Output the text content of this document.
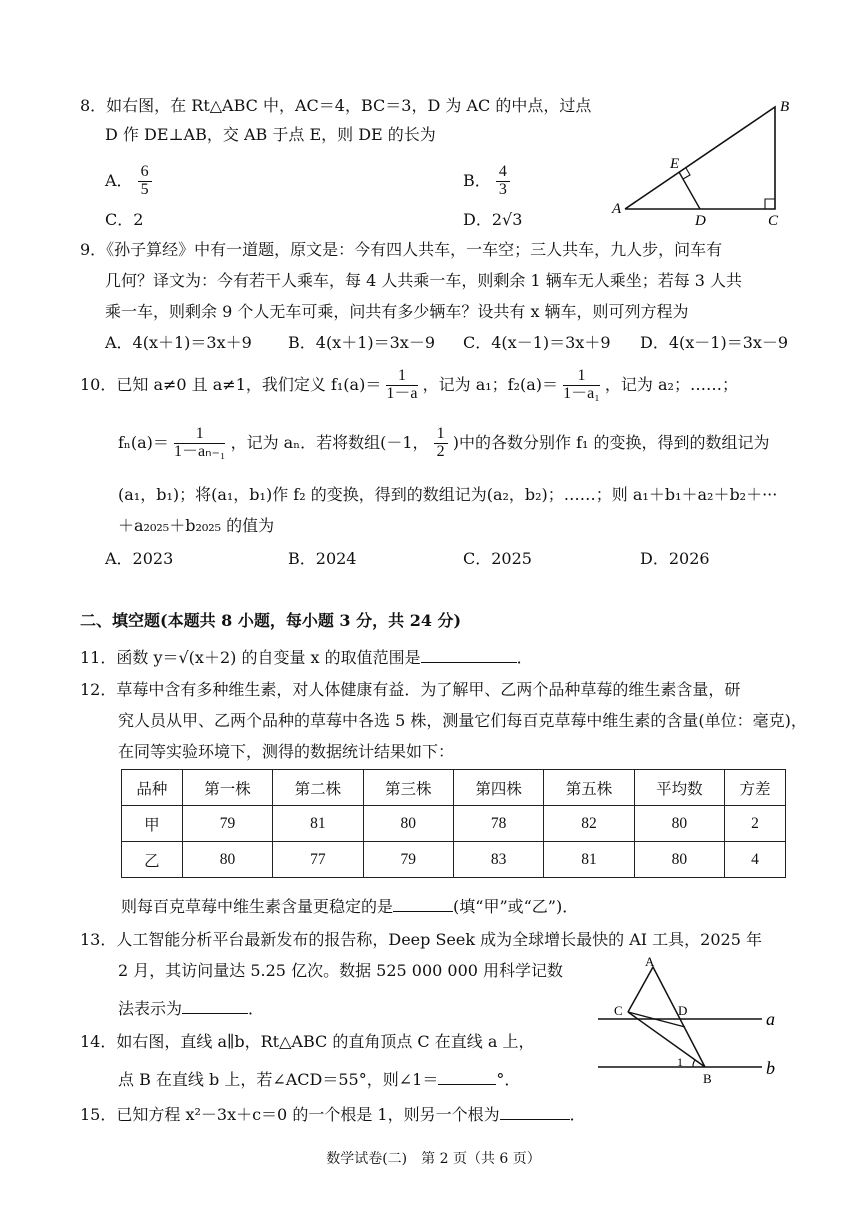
8．如右图，在 Rt△ABC 中，AC＝4，BC＝3，D 为 AC 的中点，过点
D 作 DE⊥AB，交 AB 于点 E，则 DE 的长为
A． $\frac{6}{5}$	B． $\frac{4}{3}$
C．2	D．2√3
A
B
C
D
E
9．《孙子算经》中有一道题，原文是：今有四人共车，一车空；三人共车，九人步，问车有
几何？译文为：今有若干人乘车，每 4 人共乘一车，则剩余 1 辆车无人乘坐；若每 3 人共
乘一车，则剩余 9 个人无车可乘，问共有多少辆车？设共有 x 辆车，则可列方程为
A．4(x＋1)＝3x＋9 B．4(x＋1)＝3x－9 C．4(x－1)＝3x＋9 D．4(x－1)＝3x－9
10．已知 a≠0 且 a≠1，我们定义 $f_1(a)= \frac{1}{1-a}$ ，记为 a₁；$f_2(a)= \frac{1}{\text{1－a₁}}$ ，记为 a₂；……；
$f_n(a)= \frac{1}{\text{1－aₙ₋₁}}$ ，记为 aₙ．若将数组(－1， $\frac{1}{2}$ )中的各数分别作 f₁ 的变换，得到的数组记为
(a₁，b₁)；将(a₁，b₁)作 f₂ 的变换，得到的数组记为(a₂，b₂)；……；则 a₁＋b₁＋a₂＋b₂＋···
＋a₂₀₂₅＋b₂₀₂₅ 的值为
A．2023	B．2024	C．2025	D．2026
二、填空题(本题共 8 小题，每小题 3 分，共 24 分)
11．函数 y＝√(x＋2) 的自变量 x 的取值范围是	．
12．草莓中含有多种维生素，对人体健康有益．为了解甲、乙两个品种草莓的维生素含量，研
究人员从甲、乙两个品种的草莓中各选 5 株，测量它们每百克草莓中维生素的含量(单位：毫克)，
在同等实验环境下，测得的数据统计结果如下：
品种	第一株	第二株	第三株	第四株	第五株	平均数	方差
甲	79	81	80	78	82	80	2
乙	80	77	79	83	81	80	4
则每百克草莓中维生素含量更稳定的是	(填“甲”或“乙”)．
13．人工智能分析平台最新发布的报告称，Deep Seek 成为全球增长最快的 AI 工具，2025 年
2 月，其访问量达 5.25 亿次。数据 525 000 000 用科学记数
法表示为	．
14．如右图，直线 a∥b，Rt△ABC 的直角顶点 C 在直线 a 上，
点 B 在直线 b 上，若∠ACD＝55°，则∠1＝	°．
A
C	D
B
1
a
b
15．已知方程 x²－3x＋c＝0 的一个根是 1，则另一个根为	．
数学试卷(二)　第 2 页（共 6 页）
